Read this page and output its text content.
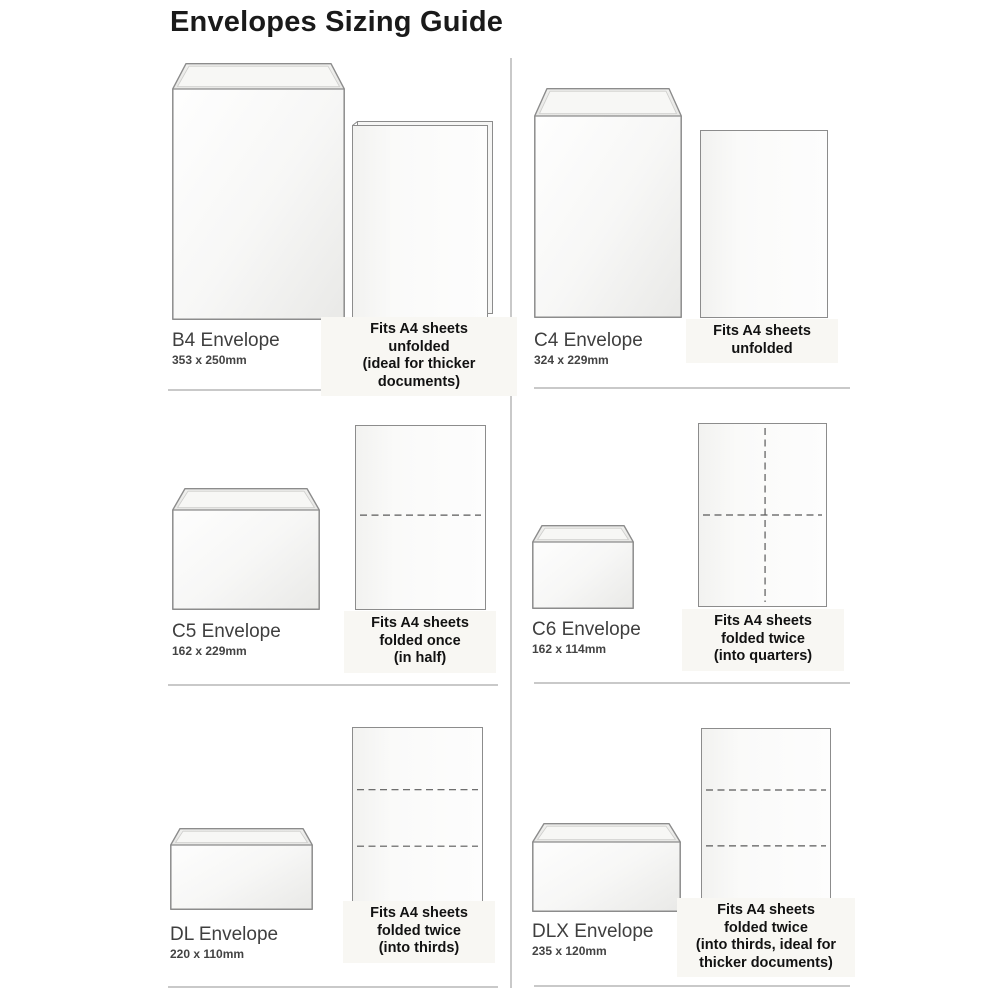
Envelopes Sizing Guide
B4 Envelope
353 x 250mm
Fits A4 sheets
unfolded
(ideal for thicker documents)
C4 Envelope
324 x 229mm
Fits A4 sheets
unfolded
C5 Envelope
162 x 229mm
Fits A4 sheets
folded once
(in half)
C6 Envelope
162 x 114mm
Fits A4 sheets
folded twice
(into quarters)
DL Envelope
220 x 110mm
Fits A4 sheets
folded twice
(into thirds)
DLX Envelope
235 x 120mm
Fits A4 sheets
folded twice
(into thirds, ideal for
thicker documents)
